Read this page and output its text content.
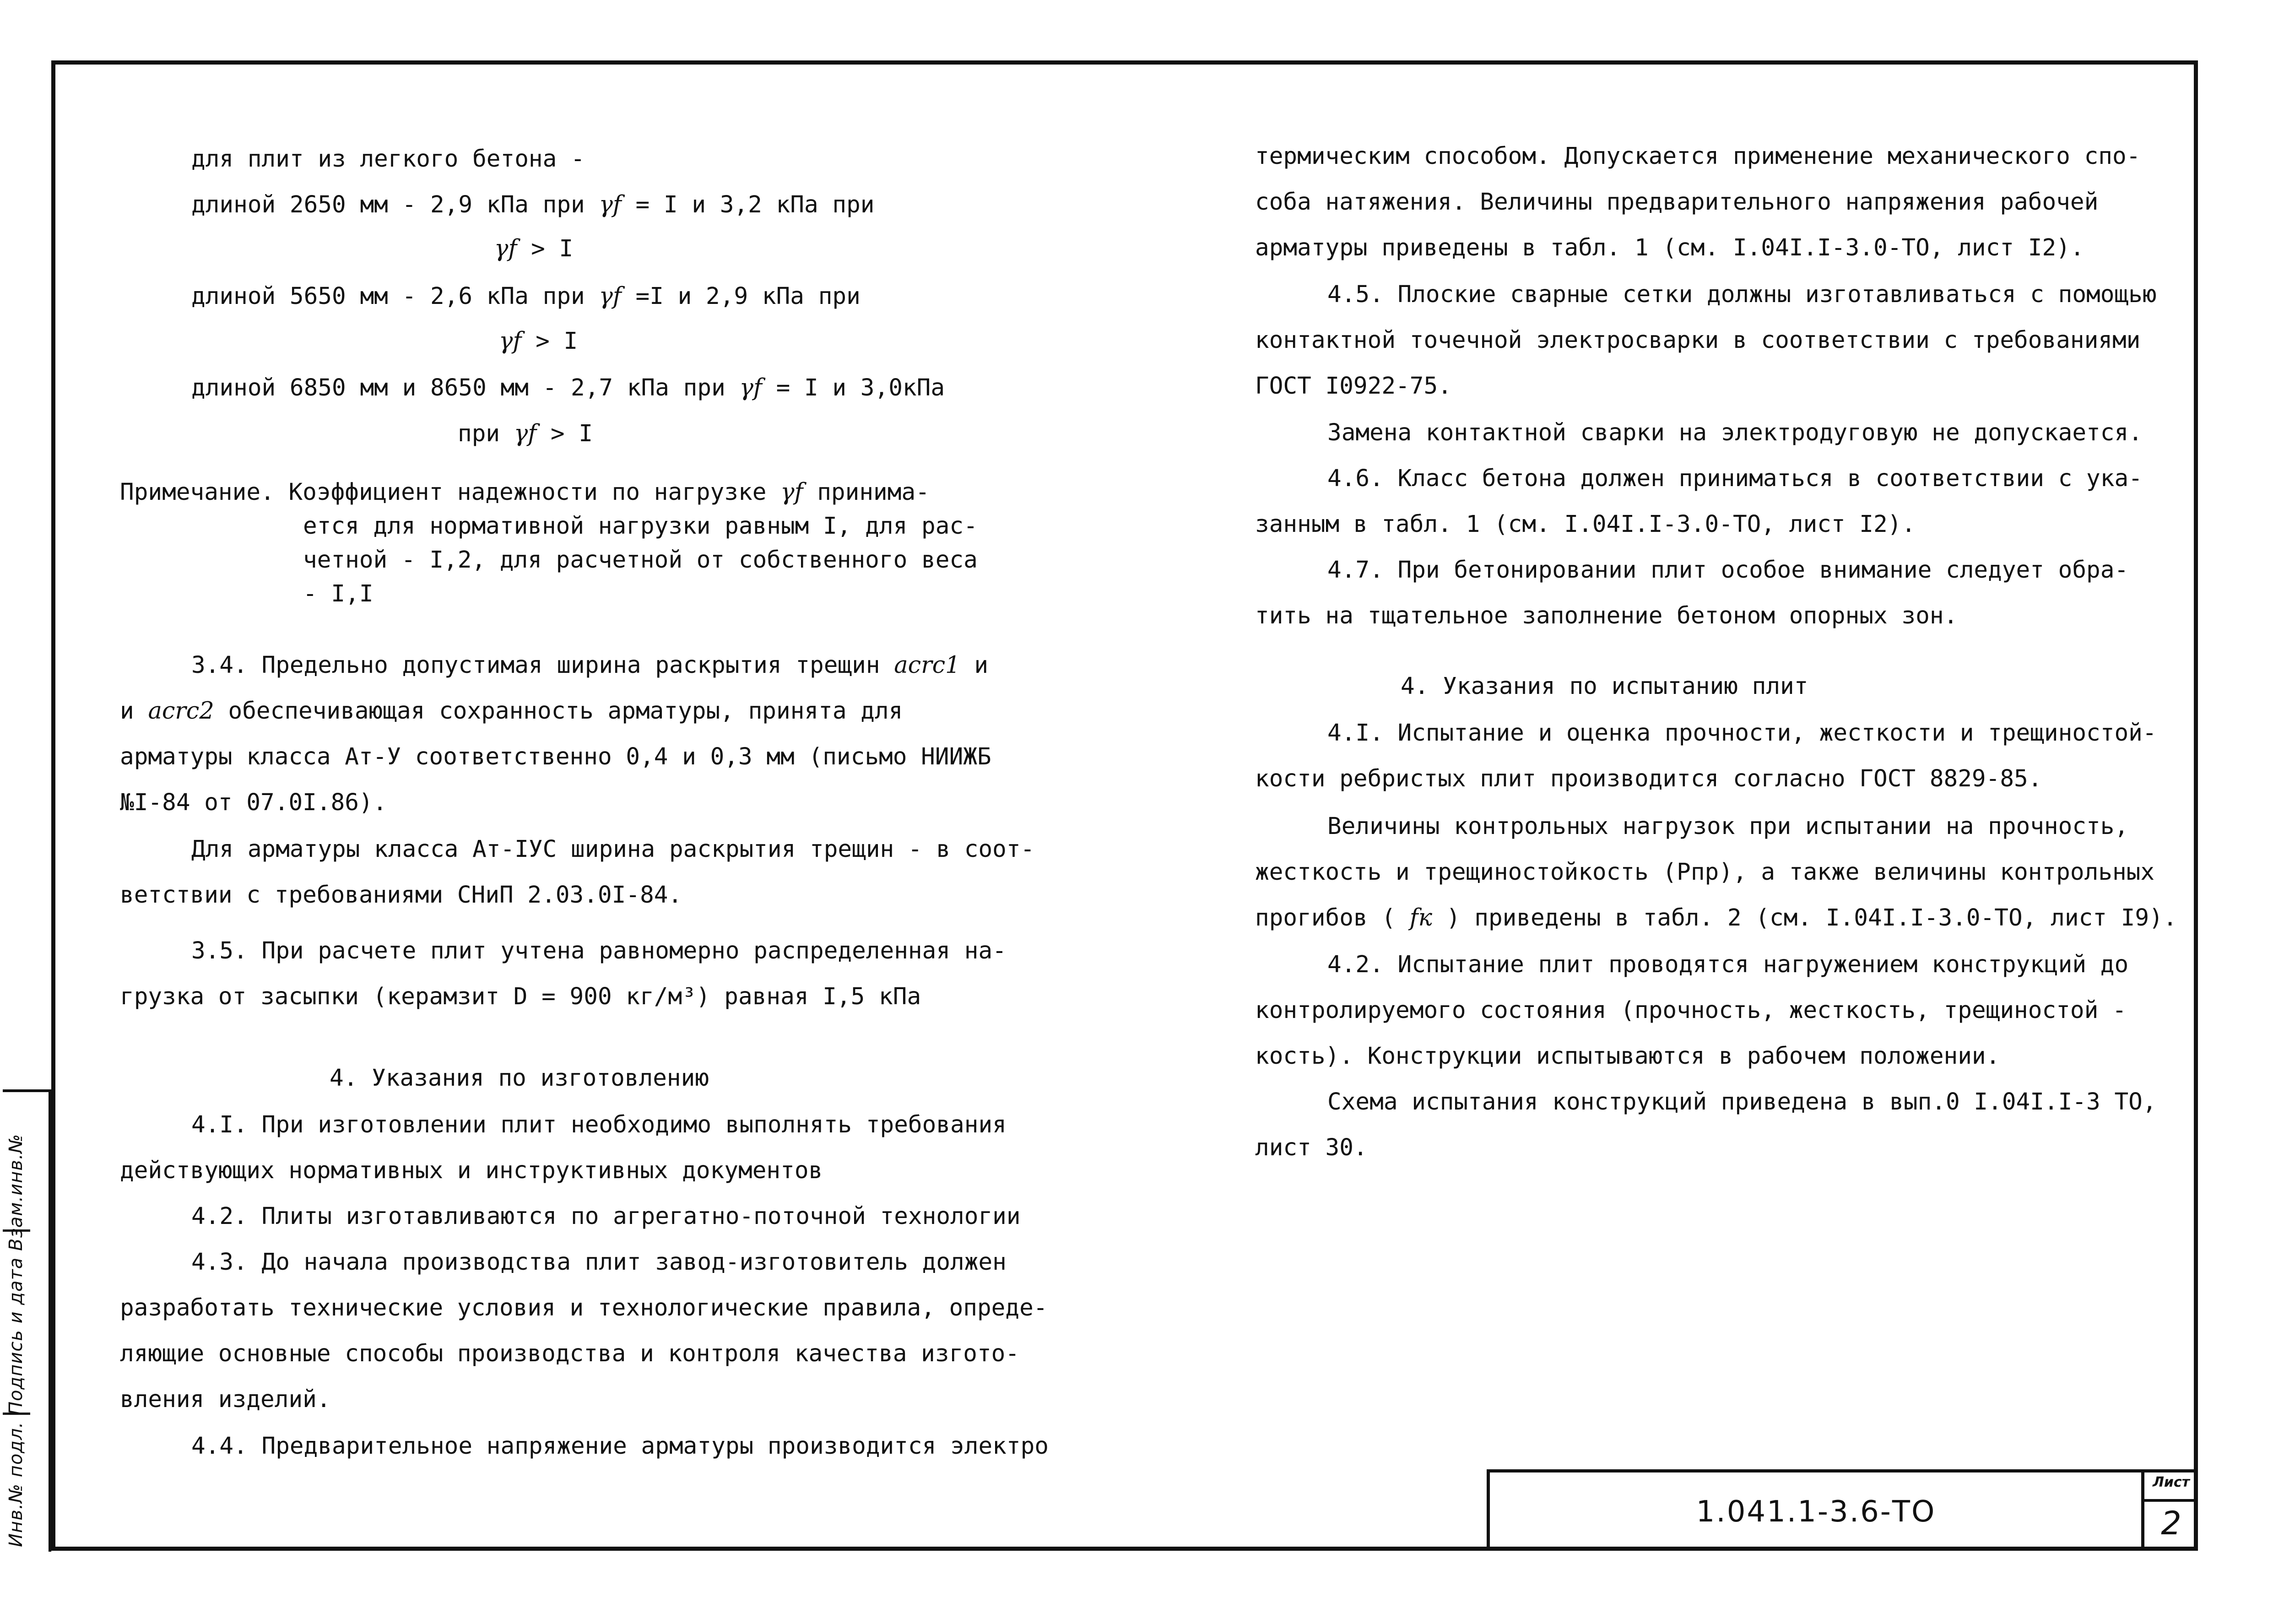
для плит из легкого бетона -
длиной 2650 мм - 2,9 кПа при γf = I и 3,2 кПа при
γf > I
длиной 5650 мм - 2,6 кПа при γf =I и 2,9 кПа при
γf > I
длиной 6850 мм и 8650 мм - 2,7 кПа при γf = I и 3,0кПа
при γf > I
Примечание. Коэффициент надежности по нагрузке γf принима-
ется для нормативной нагрузки равным I, для рас-
четной - I,2, для расчетной от собственного веса
- I,I
3.4. Предельно допустимая ширина раскрытия трещин acrc1 и
и acrc2 обеспечивающая сохранность арматуры, принята для
арматуры класса Ат-У соответственно 0,4 и 0,3 мм (письмо НИИЖБ
№I-84 от 07.0I.86).
Для арматуры класса Ат-IУС ширина раскрытия трещин - в соот-
ветствии с требованиями СНиП 2.03.0I-84.
3.5. При расчете плит учтена равномерно распределенная на-
грузка от засыпки (керамзит D = 900 кг/м³) равная I,5 кПа
4. Указания по изготовлению
4.I. При изготовлении плит необходимо выполнять требования
действующих нормативных и инструктивных документов
4.2. Плиты изготавливаются по агрегатно-поточной технологии
4.3. До начала производства плит завод-изготовитель должен
разработать технические условия и технологические правила, опреде-
ляющие основные способы производства и контроля качества изгото-
вления изделий.
4.4. Предварительное напряжение арматуры производится электро
термическим способом. Допускается применение механического спо-
соба натяжения. Величины предварительного напряжения рабочей
арматуры приведены в табл. 1 (см. I.04I.I-3.0-ТО, лист I2).
4.5. Плоские сварные сетки должны изготавливаться с помощью
контактной точечной электросварки в соответствии с требованиями
ГОСТ I0922-75.
Замена контактной сварки на электродуговую не допускается.
4.6. Класс бетона должен приниматься в соответствии с ука-
занным в табл. 1 (см. I.04I.I-3.0-ТО, лист I2).
4.7. При бетонировании плит особое внимание следует обра-
тить на тщательное заполнение бетоном опорных зон.
4. Указания по испытанию плит
4.I. Испытание и оценка прочности, жесткости и трещиностой-
кости ребристых плит производится согласно ГОСТ 8829-85.
Величины контрольных нагрузок при испытании на прочность,
жесткость и трещиностойкость (Рпр), а также величины контрольных
прогибов ( fк ) приведены в табл. 2 (см. I.04I.I-3.0-ТО, лист I9).
4.2. Испытание плит проводятся нагружением конструкций до
контролируемого состояния (прочность, жесткость, трещиностой -
кость). Конструкции испытываются в рабочем положении.
Схема испытания конструкций приведена в вып.0 I.04I.I-3 ТО,
лист 30.
Инв.№ подл. Подпись и дата Взам.инв.№	1.041.1-3.6-ТО
Лист
2
